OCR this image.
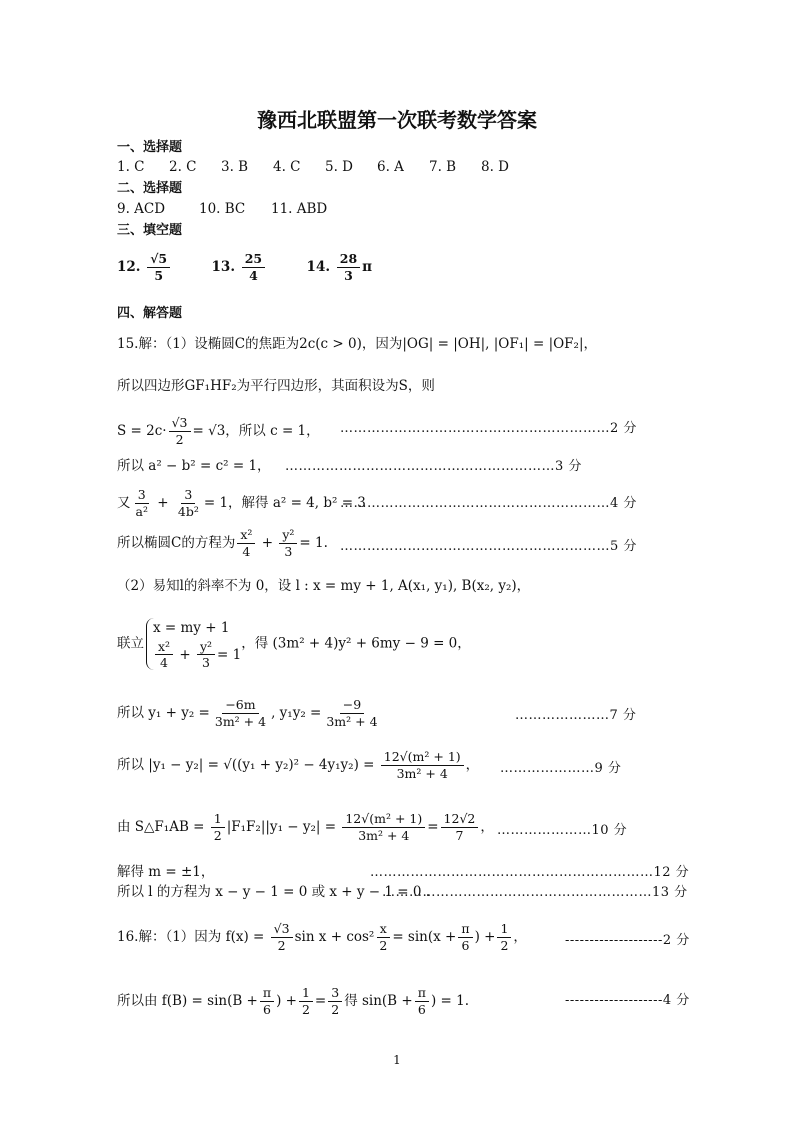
豫西北联盟第一次联考数学答案
一、选择题
1. C 2. C 3. B 4. C 5. D 6. A 7. B 8. D
二、选择题
9. ACD	10. BC 11. ABD
三、填空题
12. $\frac{√5}{5}$	13. $\frac{25}{4}$	14. $\frac{28}{3}$ π
四、解答题
15.解：（1）设椭圆C的焦距为2c(c > 0)，因为|OG| = |OH|, |OF₁| = |OF₂|，
所以四边形GF₁HF₂为平行四边形，其面积设为S，则
$S = 2c\cdot \frac{√3}{2} = √3$，所以 c = 1， ……………………………………………………2 分
所以 a² − b² = c² = 1， ……………………………………………………3 分
又 $\frac{3}{\text{a²}} + \frac{3}{\text{4b²}} = 1$，解得 a² = 4, b² = 3
……………………………………………………4 分
所以椭圆C的方程为 $\frac{\text{x²}}{4} + \frac{\text{y²}}{3} = 1$. ……………………………………………………5 分
（2）易知l的斜率不为 0，设 l : x = my + 1, A(x₁, y₁), B(x₂, y₂)，
联立
x = my + 1
$\frac{\text{x²}}{4} + \frac{\text{y²}}{3} = 1$
，得 (3m² + 4)y² + 6my − 9 = 0，
所以 $y_1 + y_2 = \frac{-6m}{\text{3m² + 4}}$ , $y_1y_2 = \frac{-9}{\text{3m² + 4}}$	…………………7 分
所以 $|y_1 - y_2| = √((y_1 + y_2)^2 - 4y_1y_2) = \frac{\text{12√(m² + 1)}}{\text{3m² + 4}}$ ， …………………9 分
由 S△F₁AB = $\frac{1}{2} |F_1F_2||y_1 - y_2| = \frac{\text{12√(m² + 1)}}{\text{3m² + 4}} = \frac{12√2}{7}$ ， …………………10 分
解得 m = ±1，	………………………………………………………12 分
所以 l 的方程为 x − y − 1 = 0 或 x + y − 1 = 0 .
……………………………………………………13 分
16.解：（1）因为 $f(x) = \frac{√3}{2}$ $\sin x + \cos^2 \frac{x}{2} = \sin(x + \frac{\pi}{6}$ ) + $\frac{1}{2}$ ，	--------------------2 分
所以由 $f(B) = \sin(B + \frac{\pi}{6}$ ) + $\frac{1}{2} = \frac{3}{2}$ 得 $\sin(B + \frac{\pi}{6}$ ) = 1.	--------------------4 分
1
